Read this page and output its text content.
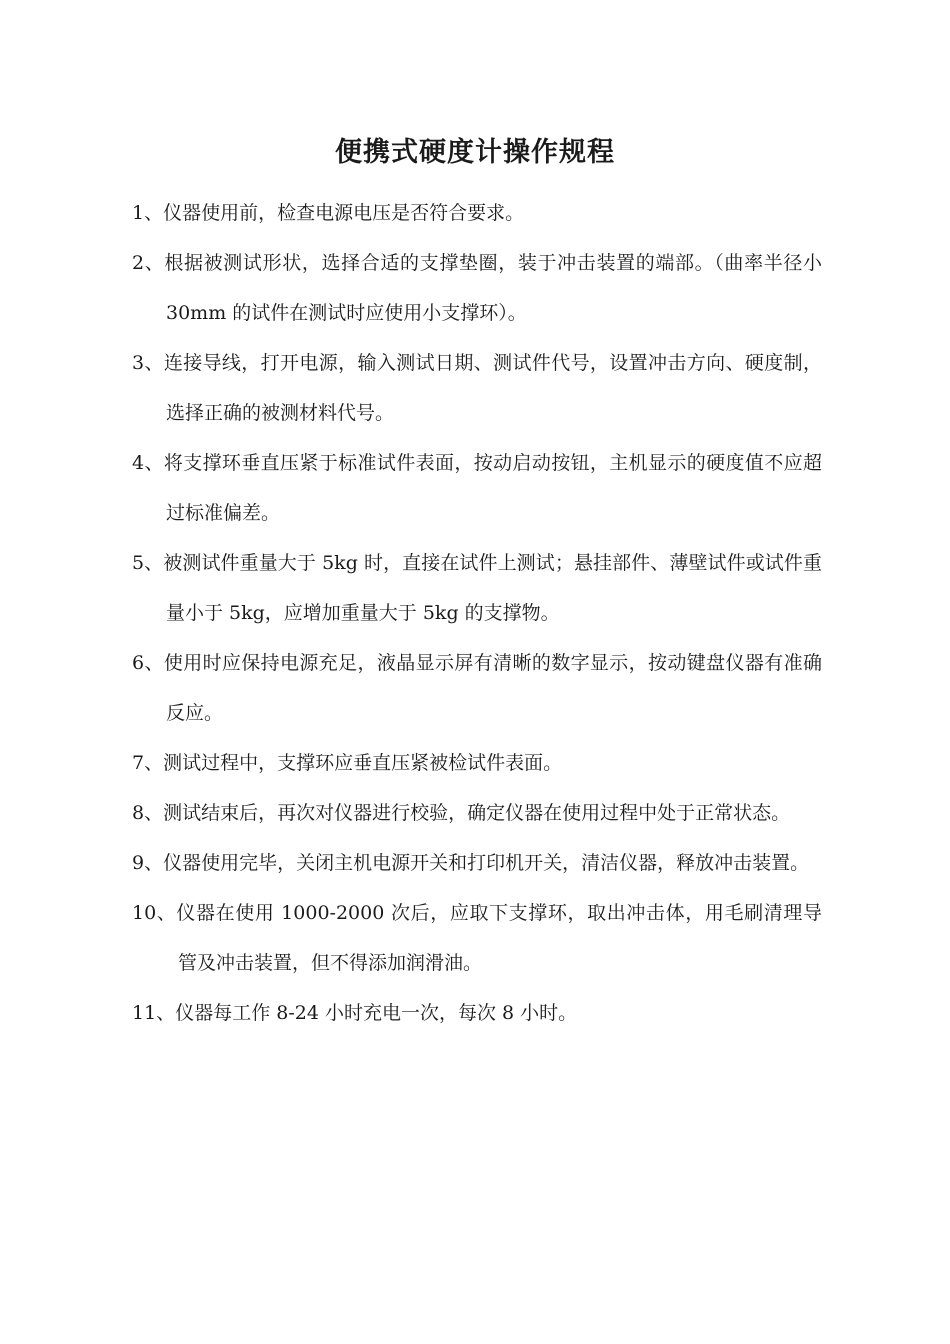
便携式硬度计操作规程
1、仪器使用前，检查电源电压是否符合要求。
2、根据被测试形状，选择合适的支撑垫圈，装于冲击装置的端部。（曲率半径小 30mm 的试件在测试时应使用小支撑环）。
3、连接导线，打开电源，输入测试日期、测试件代号，设置冲击方向、硬度制，选择正确的被测材料代号。
4、将支撑环垂直压紧于标准试件表面，按动启动按钮，主机显示的硬度值不应超过标准偏差。
5、被测试件重量大于 5kg 时，直接在试件上测试；悬挂部件、薄壁试件或试件重量小于 5kg，应增加重量大于 5kg 的支撑物。
6、使用时应保持电源充足，液晶显示屏有清晰的数字显示，按动键盘仪器有准确反应。
7、测试过程中，支撑环应垂直压紧被检试件表面。
8、测试结束后，再次对仪器进行校验，确定仪器在使用过程中处于正常状态。
9、仪器使用完毕，关闭主机电源开关和打印机开关，清洁仪器，释放冲击装置。
10、仪器在使用 1000-2000 次后，应取下支撑环，取出冲击体，用毛刷清理导管及冲击装置，但不得添加润滑油。
11、仪器每工作 8-24 小时充电一次，每次 8 小时。
